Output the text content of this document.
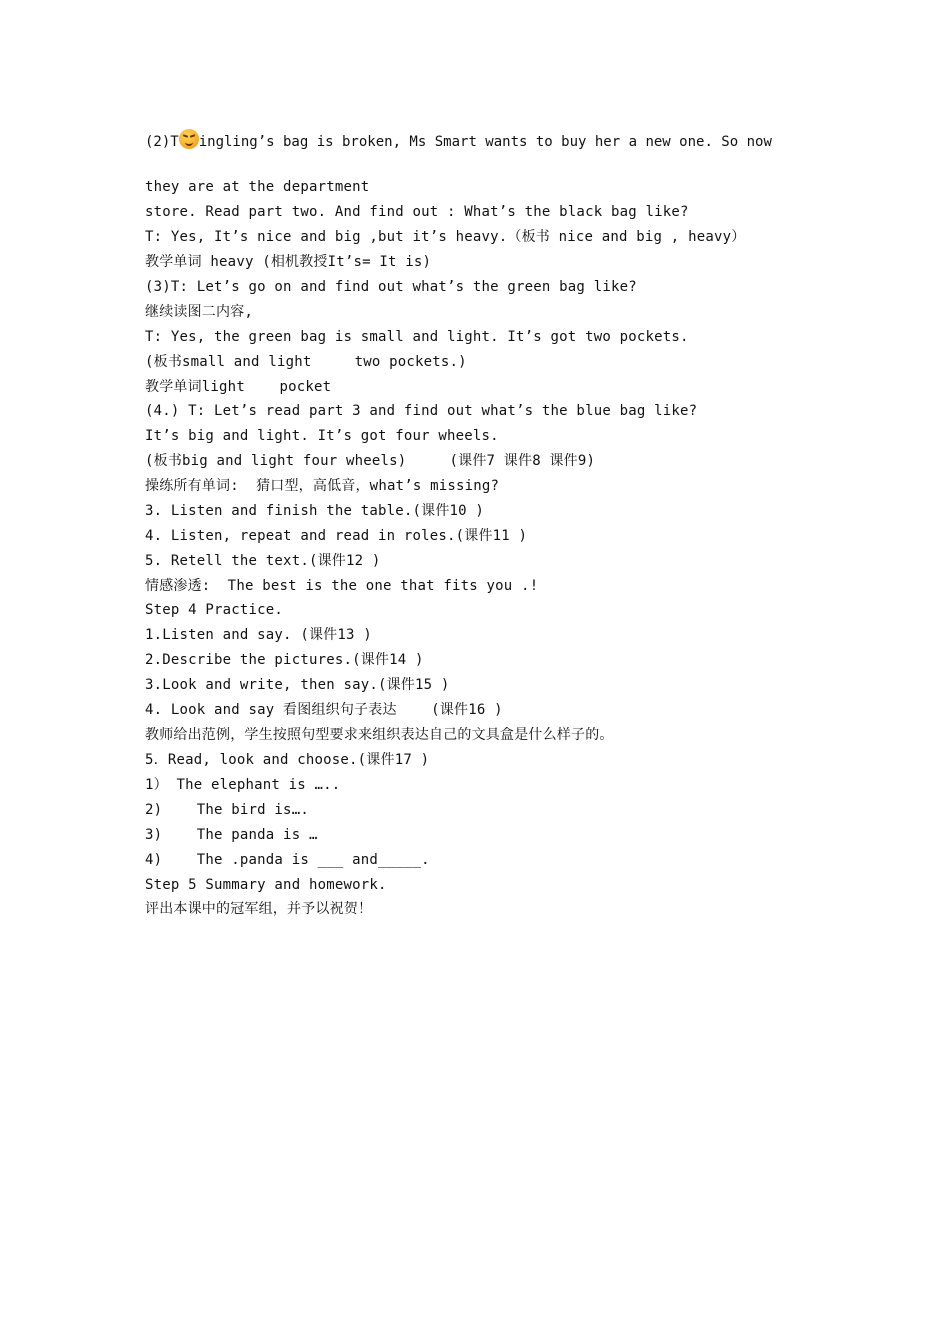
(2)T ingling’s bag is broken, Ms Smart wants to buy her a new one. So now
they are at the department
store. Read part two. And find out : What’s the black bag like?
T: Yes, It’s nice and big ,but it’s heavy.（板书 nice and big , heavy）
教学单词 heavy (相机教授It’s= It is)
(3)T: Let’s go on and find out what’s the green bag like?
继续读图二内容,
T: Yes, the green bag is small and light. It’s got two pockets.
(板书small and light     two pockets.)
教学单词light    pocket
(4.) T: Let’s read part 3 and find out what’s the blue bag like?
It’s big and light. It’s got four wheels.
(板书big and light four wheels)     (课件7 课件8 课件9)
操练所有单词:  猜口型，高低音，what’s missing?
3. Listen and finish the table.(课件10 )
4. Listen, repeat and read in roles.(课件11 )
5. Retell the text.(课件12 )
情感渗透:  The best is the one that fits you .!
Step 4 Practice.
1.Listen and say. (课件13 )
2.Describe the pictures.(课件14 )
3.Look and write, then say.(课件15 )
4. Look and say 看图组织句子表达    (课件16 )
教师给出范例，学生按照句型要求来组织表达自己的文具盒是什么样子的。
5．Read, look and choose.(课件17 )
1） The elephant is …..
2)    The bird is….
3)    The panda is …
4)    The .panda is ___ and_____.
Step 5 Summary and homework.
评出本课中的冠军组，并予以祝贺！
